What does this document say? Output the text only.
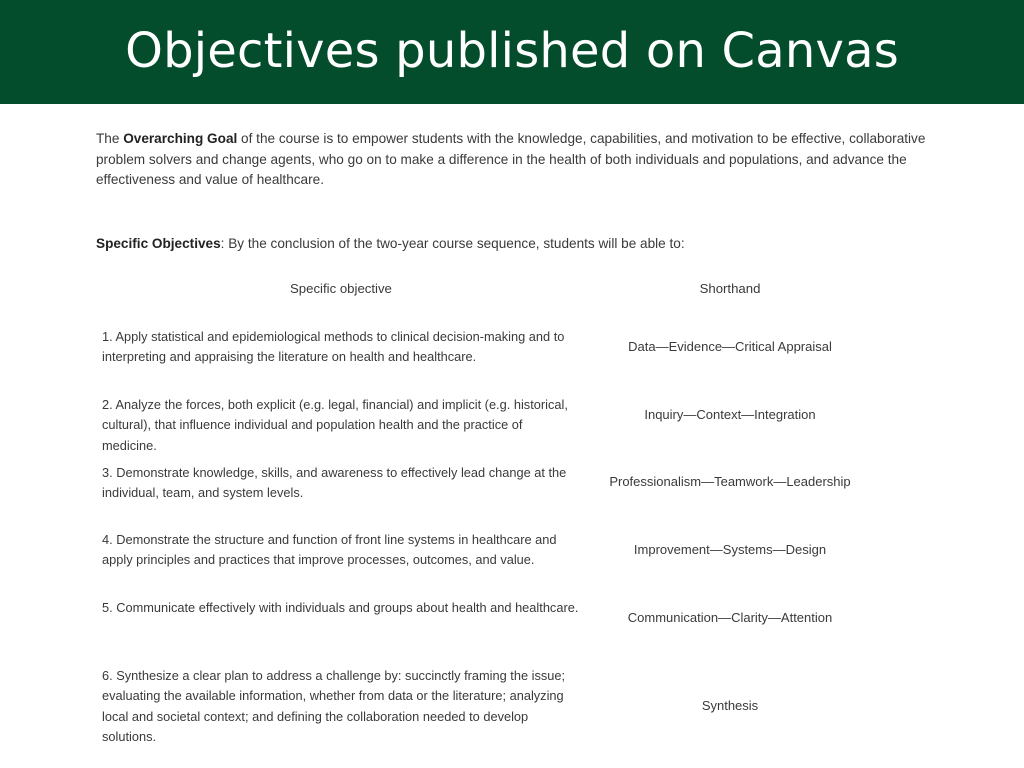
Objectives published on Canvas
The Overarching Goal of the course is to empower students with the knowledge, capabilities, and motivation to be effective, collaborative problem solvers and change agents, who go on to make a difference in the health of both individuals and populations, and advance the effectiveness and value of healthcare.
Specific Objectives: By the conclusion of the two-year course sequence, students will be able to:
Specific objective	Shorthand
1. Apply statistical and epidemiological methods to clinical decision-making and to interpreting and appraising the literature on health and healthcare.
Data—Evidence—Critical Appraisal
2. Analyze the forces, both explicit (e.g. legal, financial) and implicit (e.g. historical, cultural), that influence individual and population health and the practice of medicine.
Inquiry—Context—Integration
3. Demonstrate knowledge, skills, and awareness to effectively lead change at the individual, team, and system levels.
Professionalism—Teamwork—Leadership
4. Demonstrate the structure and function of front line systems in healthcare and apply principles and practices that improve processes, outcomes, and value.
Improvement—Systems—Design
5. Communicate effectively with individuals and groups about health and healthcare.
Communication—Clarity—Attention
6. Synthesize a clear plan to address a challenge by: succinctly framing the issue; evaluating the available information, whether from data or the literature; analyzing local and societal context; and defining the collaboration needed to develop solutions.
Synthesis
